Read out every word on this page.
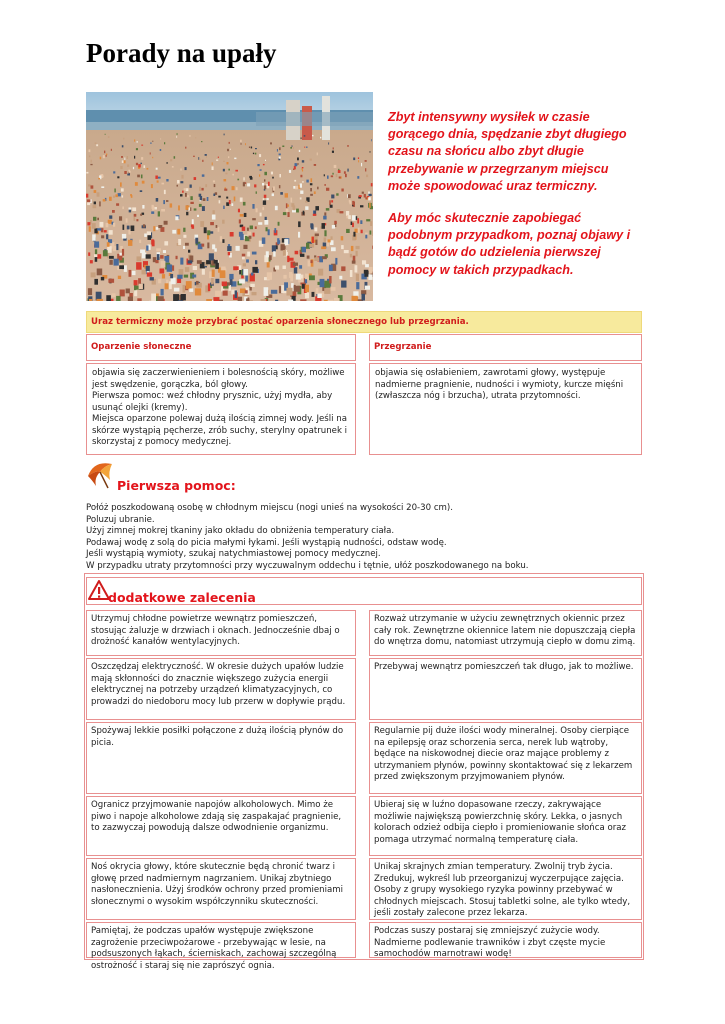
Porady na upały

Zbyt intensywny wysiłek w czasie gorącego dnia, spędzanie zbyt długiego czasu na słońcu albo zbyt długie przebywanie w przegrzanym miejscu może spowodować uraz termiczny.

Aby móc skutecznie zapobiegać podobnym przypadkom, poznaj objawy i bądź gotów do udzielenia pierwszej pomocy w takich przypadkach.

Uraz termiczny może przybrać postać oparzenia słonecznego lub przegrzania.
Oparzenie słoneczne	Przegrzanie
objawia się zaczerwienieniem i bolesnością skóry, możliwe jest swędzenie, gorączka, ból głowy.
Pierwsza pomoc: weź chłodny prysznic, użyj mydła, aby usunąć olejki (kremy).
Miejsca oparzone polewaj dużą ilością zimnej wody. Jeśli na skórze wystąpią pęcherze, zrób suchy, sterylny opatrunek i skorzystaj z pomocy medycznej.
objawia się osłabieniem, zawrotami głowy, występuje nadmierne pragnienie, nudności i wymioty, kurcze mięśni (zwłaszcza nóg i brzucha), utrata przytomności.
Pierwsza pomoc:
Połóż poszkodowaną osobę w chłodnym miejscu (nogi unieś na wysokości 20-30 cm).
Poluzuj ubranie.
Użyj zimnej mokrej tkaniny jako okładu do obniżenia temperatury ciała.
Podawaj wodę z solą do picia małymi łykami. Jeśli wystąpią nudności, odstaw wodę.
Jeśli wystąpią wymioty, szukaj natychmiastowej pomocy medycznej.
W przypadku utraty przytomności przy wyczuwalnym oddechu i tętnie, ułóż poszkodowanego na boku.
dodatkowe zalecenia
Utrzymuj chłodne powietrze wewnątrz pomieszczeń, stosując żaluzje w drzwiach i oknach. Jednocześnie dbaj o drożność kanałów wentylacyjnych.
Oszczędzaj elektryczność. W okresie dużych upałów ludzie mają skłonności do znacznie większego zużycia energii elektrycznej na potrzeby urządzeń klimatyzacyjnych, co prowadzi do niedoboru mocy lub przerw w dopływie prądu.
Spożywaj lekkie posiłki połączone z dużą ilością płynów do picia.
Ogranicz przyjmowanie napojów alkoholowych. Mimo że piwo i napoje alkoholowe zdają się zaspakajać pragnienie, to zazwyczaj powodują dalsze odwodnienie organizmu.
Noś okrycia głowy, które skutecznie będą chronić twarz i głowę przed nadmiernym nagrzaniem. Unikaj zbytniego nasłonecznienia. Użyj środków ochrony przed promieniami słonecznymi o wysokim współczynniku skuteczności.
Pamiętaj, że podczas upałów występuje zwiększone zagrożenie przeciwpożarowe - przebywając w lesie, na podsuszonych łąkach, ścierniskach, zachowaj szczególną ostrożność i staraj się nie zaprószyć ognia.
Rozważ utrzymanie w użyciu zewnętrznych okiennic przez cały rok. Zewnętrzne okiennice latem nie dopuszczają ciepła do wnętrza domu, natomiast utrzymują ciepło w domu zimą.
Przebywaj wewnątrz pomieszczeń tak długo, jak to możliwe.
Regularnie pij duże ilości wody mineralnej. Osoby cierpiące na epilepsję oraz schorzenia serca, nerek lub wątroby, będące na niskowodnej diecie oraz mające problemy z utrzymaniem płynów, powinny skontaktować się z lekarzem przed zwiększonym przyjmowaniem płynów.
Ubieraj się w luźno dopasowane rzeczy, zakrywające możliwie największą powierzchnię skóry. Lekka, o jasnych kolorach odzież odbija ciepło i promieniowanie słońca oraz pomaga utrzymać normalną temperaturę ciała.
Unikaj skrajnych zmian temperatury. Zwolnij tryb życia. Zredukuj, wykreśl lub przeorganizuj wyczerpujące zajęcia. Osoby z grupy wysokiego ryzyka powinny przebywać w chłodnych miejscach. Stosuj tabletki solne, ale tylko wtedy, jeśli zostały zalecone przez lekarza.
Podczas suszy postaraj się zmniejszyć zużycie wody. Nadmierne podlewanie trawników i zbyt częste mycie samochodów marnotrawi wodę!
